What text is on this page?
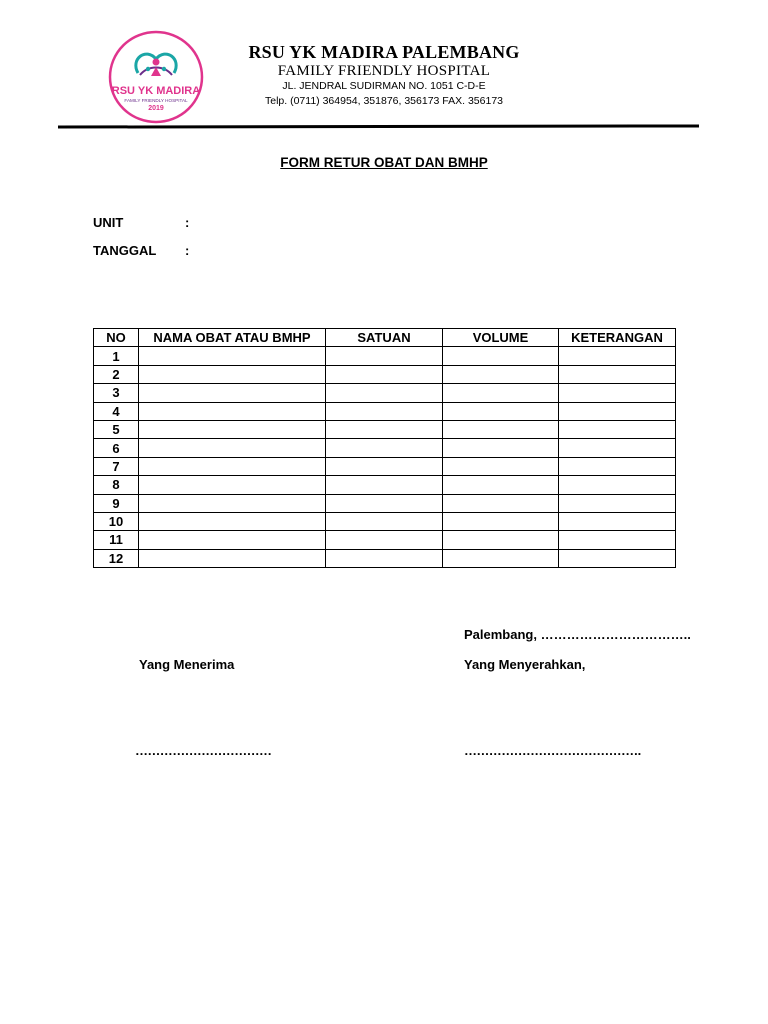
RSU YK MADIRA
FAMILY FRIENDLY HOSPITAL
2019
RSU YK MADIRA PALEMBANG
FAMILY FRIENDLY HOSPITAL
JL. JENDRAL SUDIRMAN NO. 1051 C-D-E
Telp. (0711) 364954, 351876, 356173 FAX. 356173
FORM RETUR OBAT DAN BMHP
UNIT	:
TANGGAL :
NO	NAMA OBAT ATAU BMHP	SATUAN	VOLUME	KETERANGAN
1				
2				
3				
4				
5				
6				
7				
8				
9				
10				
11				
12				
Palembang, ……………………………..
Yang Menerima	Yang Menyerahkan,
……………………………	…………………………………….
